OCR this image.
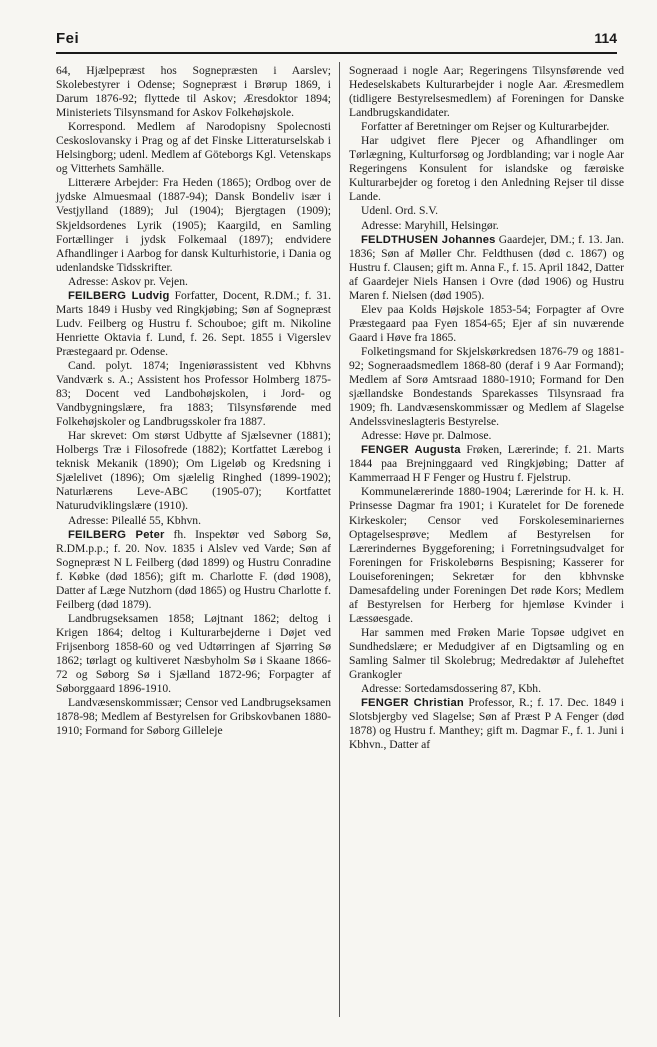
Fei	114

64, Hjælpepræst hos Sognepræsten i Aarslev; Skolebestyrer i Odense; Sognepræst i Brørup 1869, i Darum 1876-92; flyttede til Askov; Æresdoktor 1894; Ministeriets Tilsynsmand for Askov Folkehøjskole.

Korrespond. Medlem af Narodopisny Spolecnosti Ceskoslovansky i Prag og af det Finske Litteraturselskab i Helsingborg; udenl. Medlem af Göteborgs Kgl. Vetenskaps og Vitterhets Samhälle.

Litterære Arbejder: Fra Heden (1865); Ordbog over de jydske Almuesmaal (1887-94); Dansk Bondeliv især i Vestjylland (1889); Jul (1904); Bjergtagen (1909); Skjeldsordenes Lyrik (1905); Kaargild, en Samling Fortællinger i jydsk Folkemaal (1897); endvidere Afhandlinger i Aarbog for dansk Kulturhistorie, i Dania og udenlandske Tidsskrifter.

Adresse: Askov pr. Vejen.

FEILBERG Ludvig Forfatter, Docent, R.DM.; f. 31. Marts 1849 i Husby ved Ringkjøbing; Søn af Sognepræst Ludv. Feilberg og Hustru f. Schouboe; gift m. Nikoline Henriette Oktavia f. Lund, f. 26. Sept. 1855 i Vigerslev Præstegaard pr. Odense.

Cand. polyt. 1874; Ingeniørassistent ved Kbhvns Vandværk s. A.; Assistent hos Professor Holmberg 1875-83; Docent ved Landbohøjskolen, i Jord- og Vandbygningslære, fra 1883; Tilsynsførende med Folkehøjskoler og Landbrugsskoler fra 1887.

Har skrevet: Om størst Udbytte af Sjælsevner (1881); Holbergs Træ i Filosofrede (1882); Kortfattet Lærebog i teknisk Mekanik (1890); Om Ligeløb og Kredsning i Sjælelivet (1896); Om sjælelig Ringhed (1899-1902); Naturlærens Leve-ABC (1905-07); Kortfattet Naturudviklingslære (1910).

Adresse: Pileallé 55, Kbhvn.

FEILBERG Peter fh. Inspektør ved Søborg Sø, R.DM.p.p.; f. 20. Nov. 1835 i Alslev ved Varde; Søn af Sognepræst N L Feilberg (død 1899) og Hustru Conradine f. Købke (død 1856); gift m. Charlotte F. (død 1908), Datter af Læge Nutzhorn (død 1865) og Hustru Charlotte f. Feilberg (død 1879).

Landbrugseksamen 1858; Løjtnant 1862; deltog i Krigen 1864; deltog i Kulturarbejderne i Døjet ved Frijsenborg 1858-60 og ved Udtørringen af Sjørring Sø 1862; tørlagt og kultiveret Næsbyholm Sø i Skaane 1866-72 og Søborg Sø i Sjælland 1872-96; Forpagter af Søborggaard 1896-1910.

Landvæsenskommissær; Censor ved Landbrugseksamen 1878-98; Medlem af Bestyrelsen for Gribskovbanen 1880-1910; Formand for Søborg Gilleleje

Sogneraad i nogle Aar; Regeringens Tilsynsførende ved Hedeselskabets Kulturarbejder i nogle Aar. Æresmedlem (tidligere Bestyrelsesmedlem) af Foreningen for Danske Landbrugskandidater.

Forfatter af Beretninger om Rejser og Kulturarbejder.

Har udgivet flere Pjecer og Afhandlinger om Tørlægning, Kulturforsøg og Jordblanding; var i nogle Aar Regeringens Konsulent for islandske og færøiske Kulturarbejder og foretog i den Anledning Rejser til disse Lande.

Udenl. Ord. S.V.

Adresse: Maryhill, Helsingør.

FELDTHUSEN Johannes Gaardejer, DM.; f. 13. Jan. 1836; Søn af Møller Chr. Feldthusen (død c. 1867) og Hustru f. Clausen; gift m. Anna F., f. 15. April 1842, Datter af Gaardejer Niels Hansen i Ovre (død 1906) og Hustru Maren f. Nielsen (død 1905).

Elev paa Kolds Højskole 1853-54; Forpagter af Ovre Præstegaard paa Fyen 1854-65; Ejer af sin nuværende Gaard i Høve fra 1865.

Folketingsmand for Skjelskørkredsen 1876-79 og 1881-92; Sogneraadsmedlem 1868-80 (deraf i 9 Aar Formand); Medlem af Sorø Amtsraad 1880-1910; Formand for Den sjællandske Bondestands Sparekasses Tilsynsraad fra 1909; fh. Landvæsenskommissær og Medlem af Slagelse Andelssvineslagteris Bestyrelse.

Adresse: Høve pr. Dalmose.

FENGER Augusta Frøken, Lærerinde; f. 21. Marts 1844 paa Brejninggaard ved Ringkjøbing; Datter af Kammerraad H F Fenger og Hustru f. Fjelstrup.

Kommunelærerinde 1880-1904; Lærerinde for H. k. H. Prinsesse Dagmar fra 1901; i Kuratelet for De forenede Kirkeskoler; Censor ved Forskoleseminariernes Optagelsesprøve; Medlem af Bestyrelsen for Lærerindernes Byggeforening; i Forretningsudvalget for Foreningen for Friskolebørns Bespisning; Kasserer for Louiseforeningen; Sekretær for den kbhvnske Damesafdeling under Foreningen Det røde Kors; Medlem af Bestyrelsen for Herberg for hjemløse Kvinder i Læssøesgade.

Har sammen med Frøken Marie Topsøe udgivet en Sundhedslære; er Medudgiver af en Digtsamling og en Samling Salmer til Skolebrug; Medredaktør af Juleheftet Grankogler

Adresse: Sortedamsdossering 87, Kbh.

FENGER Christian Professor, R.; f. 17. Dec. 1849 i Slotsbjergby ved Slagelse; Søn af Præst P A Fenger (død 1878) og Hustru f. Manthey; gift m. Dagmar F., f. 1. Juni i Kbhvn., Datter af
